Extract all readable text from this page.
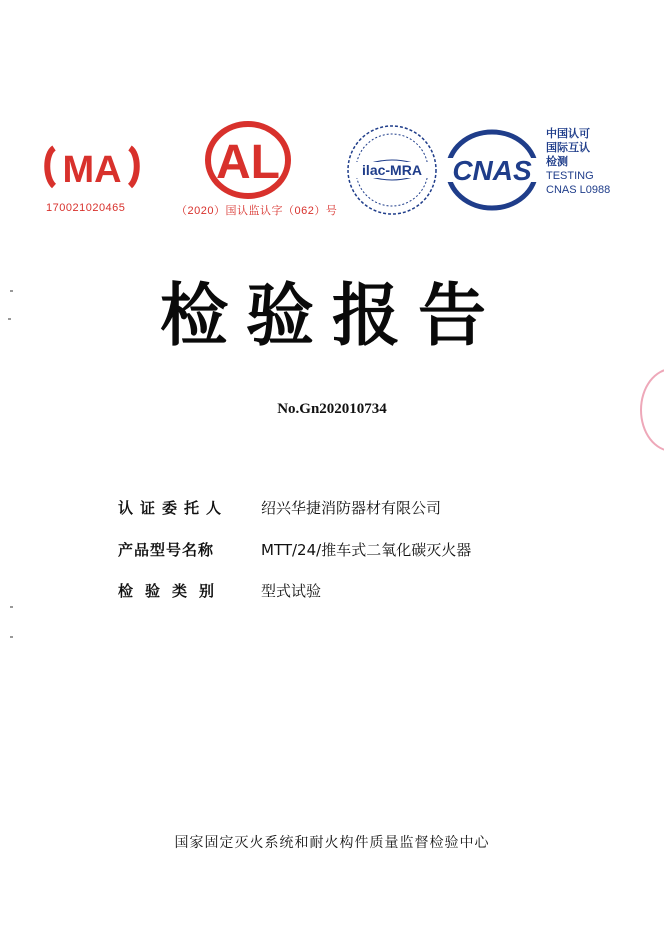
MA
170021020465
AL
（2020）国认监认字（062）号
ilac-MRA CNAS
中国认可
国际互认
检测
TESTING
CNAS L0988
检验报告
No.Gn202010734
认证委托人 绍兴华捷消防器材有限公司
产品型号名称	MTT/24/推车式二氧化碳灭火器
检验类别 型式试验
国家固定灭火系统和耐火构件质量监督检验中心
